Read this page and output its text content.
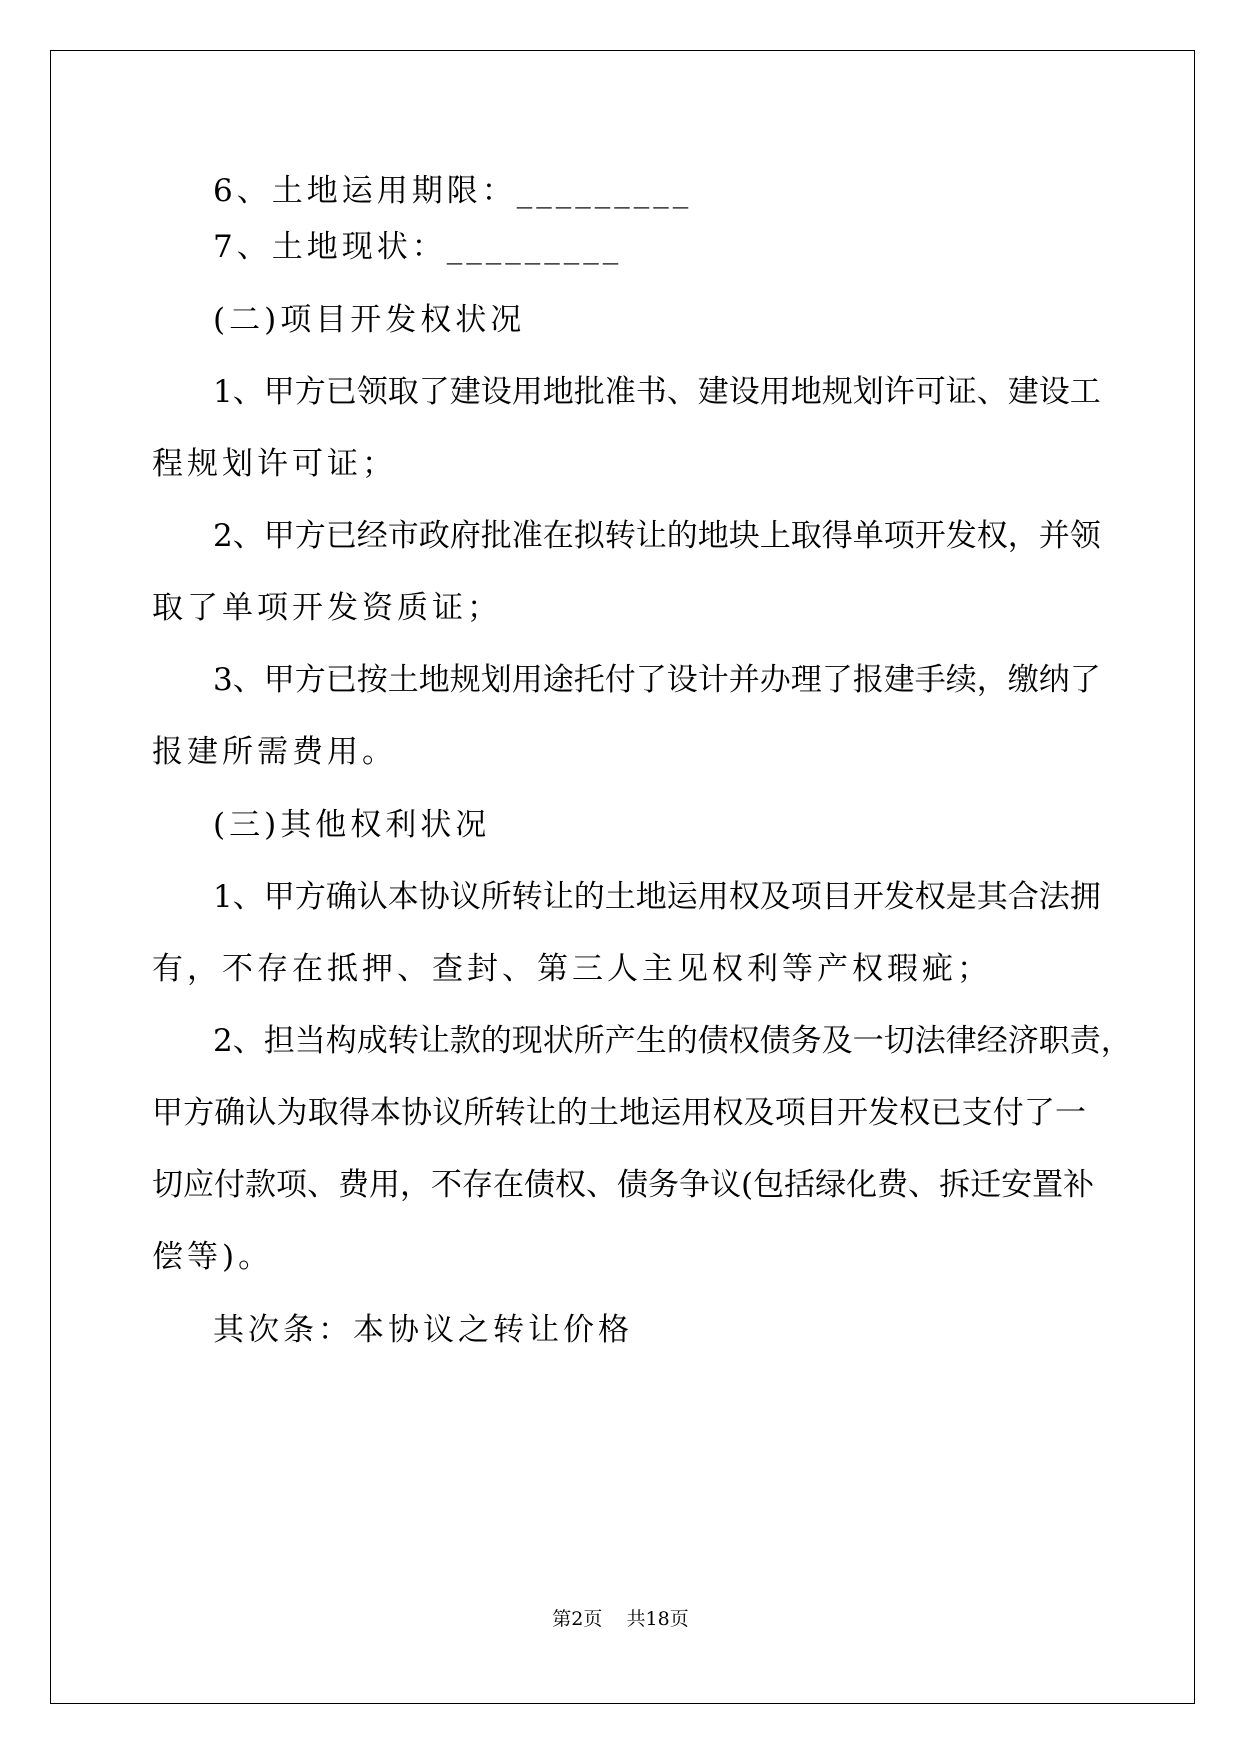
6、土地运用期限：_________
7、土地现状：_________
(二)项目开发权状况
1、甲方已领取了建设用地批准书、建设用地规划许可证、建设工
程规划许可证；
2、甲方已经市政府批准在拟转让的地块上取得单项开发权，并领
取了单项开发资质证；
3、甲方已按土地规划用途托付了设计并办理了报建手续，缴纳了
报建所需费用。
(三)其他权利状况
1、甲方确认本协议所转让的土地运用权及项目开发权是其合法拥
有，不存在抵押、查封、第三人主见权利等产权瑕疵；
2、担当构成转让款的现状所产生的债权债务及一切法律经济职责，
甲方确认为取得本协议所转让的土地运用权及项目开发权已支付了一
切应付款项、费用，不存在债权、债务争议(包括绿化费、拆迁安置补
偿等)。
其次条：本协议之转让价格
第2页    共18页
